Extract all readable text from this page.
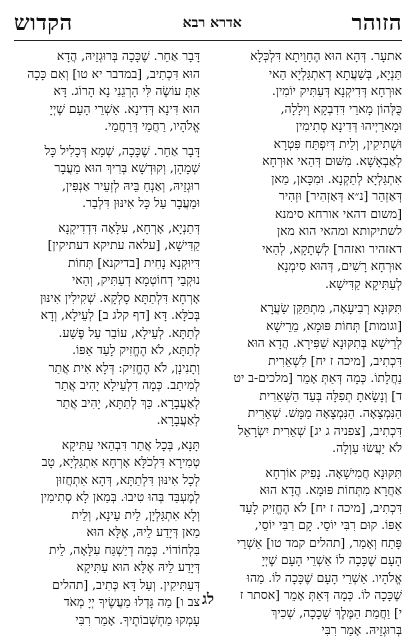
הזוהר
אדרא רבא
הקדוש
אתעָר. דְּהָא הוּא הֶחָוֵיתָא דִּלְכְּלָא
תַּנְיָא, בְּשַׁעֲתָא דְאִתְגַּלְיָא הַאי
אוּרְחָא דְּדִיקְנָא דְּעַתִּיק יוֹמִין.
כֻּלְּהוֹן מָארֵי דִּדִבְקָא וְיִלָלָה,
וּמָארַיְיהוּ דְּדִינָא סְתִימִין
וּשְׁתִיקִין, וְלֵית דְּיִפְתַּח פִּטְרָא
לְאַבְאָשָׁא. מִשּׁוּם דְּהַאי אוּרְחָא
אִתְגַּלְיָא לְתַקְנָא. וּמִכָּאן, מַאן
דְּאַזְהַר [נ״א דְּאַזְהִיר] וּזְהִיר
[משום דהאי אורחא סימנא
לשתיקותא ומהאי הוא מאן
דאזהיר ואזהר] לְשְׁתָקָא, לְהַאי
אוּרְחָא רָשִׁים, דְּהוּא סִימְנָא
לְעַתִּיקָא קַדִּישָׁא.
תִּקּוּנָא רְבִיעָאָה, מִתְתַּקַּן שַׂעֲרָא
[וגומות] תְּחוֹת פּוּמָא, מֵרֵישָׁא
לְרֵישָׁא בְּתִקּוּנָא שַׁפִּירָא. הֲדָא הוּא
דִּכְתִיב, [מיכה ז יח] לִשְׁאֵרִית
נַחֲלָתוֹ. כְּמָה דְּאַתְּ אָמֵר [מלכים-ב יט
ד] וְנָשָׂאתָ תְפִלָּה בְּעַד הַשְּׁאֵרִית
הַנִּמְצָאָה. הַנִּמְצָאָה מַמָּשׁ. שְׁאֵרִית
דִּכְתִיב, [צפניה ג יג] שְׁאֵרִית יִשְׂרָאֵל
לֹא יַעֲשׂוּ עַוְלָה.
תִּקּוּנָא חֲמִישָׁאָה. נָפִיק אוֹרְחָא
אַחֲרָא מִתְּחוֹת פּוּמָא. הֲדָא הוּא
דִּכְתִיב, [מיכה ז יח] לֹא הֶחֱזִיק לָעַד
אַפּוֹ. קוּם רִבִּי יוֹסֵי. קָם רִבִּי יוֹסֵי,
פָּתַח וְאָמַר, [תהלים קמד טו] אַשְׁרֵי
הָעָם שֶׁכָּכָה לוֹ אַשְׁרֵי הָעָם שֶׁיְיָ
אֱלֹהָיו. אַשְׁרֵי הָעָם שֶׁכָּכָה לוֹ. מַהוּ
שֶׁכָּכָה לוֹ. כְּמָה דְּאַתְּ אָמֵר [אסתר ז
י] וַחֲמַת הַמֶּלֶךְ שָׁכָכָה, שְׁכִיךְ
בְּרוּגְזֵיהּ. אָמַר רִבִּי
דָּבָר אַחֵר. שֶׁכָּכָה בְּרוּגְזֵיהּ, הֲדָא
הוּא דִּכְתִיב, [במדבר יא טו] וְאִם כָּכָה
אַתְּ עוֹשֶׂה לִּי הָרְגֵנִי נָא הָרוֹג. דָּא
הוּא דִּינָא דְּדִינָא. אַשְׁרֵי הָעָם שֶׁיְיָ
אֱלֹהָיו, רַחֲמֵי דְּרַחֲמֵי.
דָּבָר אַחֵר. שֶׁכָּכָה, שְׁמָא דְּכָלִיל כָּל
שְׁמָהָן, וְקוּדְשָׁא בְּרִיךְ הוּא מַעֲבָר
רוּגְזֵיהּ, וְאַנְחַ בֵּיהּ לְזְעֵיר אַנְפִּין,
וּמַעֲבָר עַל כָּל אִינּוּן דִּלְבַר.
דְּתַנְיָא, אָרְחָא, עִלָּאָה דִּדְדִיקְנָא
קַדִּישָׁא, [עלאה עתיקא דעתיקין]
דִּיוּקְנָא נָחִית [בדיקנא] תְּחוֹת
נוּקְבֵי דְחוֹטְמָא דְעַתִּיק, וְהַאי
אָרְחָא דִּלְתַתָּא סָלְקָא. שְׁקִילִין אִינּוּן
בְּכֹלָּא. דָּא [דף קלג ב] לְעֵילָא, וְדָא
לְתַתָּא. לְעֵילָא, עוֹבֵר עַל פֶּשַׁע.
לְתַתָּא, לֹא הֶחֱזִיק לָעַד אַפּוֹ.
וְתָנִינָן, לֹא הֶחֱזִיק: דְּלָא אִית אֲתַר
לְמִיתַב. כְּמָה דִלְעֵילָא יָהִיב אֲתַר
לְאַעֲבָרָא. כַּךְ לְתַתָּא, יָהִיב אֲתַר
לְאַעֲבָרָא.
תָּנָא, בְּכָל אֲתַר דִּבְהַאי עַתִּיקָא
טְמִירָא דִּלְכֹלָּא אָרְחָא אִתְגַּלְיָא, טָב
לְכָל אִינּוּן דִּלְתַתָּא, דְּהָא אִתְחֲזוּן
לְמֶעְבַּד בְּהוּ טִיבוּ. בְּמַאן לָא סְתִימִין
וְלָא אִתְגַּלְיָן, לֵית עֵינָא, וְלֵית
מַאן דְּיָדַע לֵיהּ, אֶלָּא הוּא
בִּלְחוֹדוֹי. כְּמָה דְיַשְׁגַּח עִלָּאָה, לֵית
דְּיָדַע לֵיהּ אֶלָּא הוּא עַתִּיקָא
דְּעַתִּיקִין. וְעַל דָּא כְּתִיב, [תהלים
צב ו] מַה גָּדְלוּ מַעֲשֶׂיךָ יְיָ מְאֹד
עָמְקוּ מַחְשְׁבוֹתֶיךָ. אָמַר רִבִּי
לג
